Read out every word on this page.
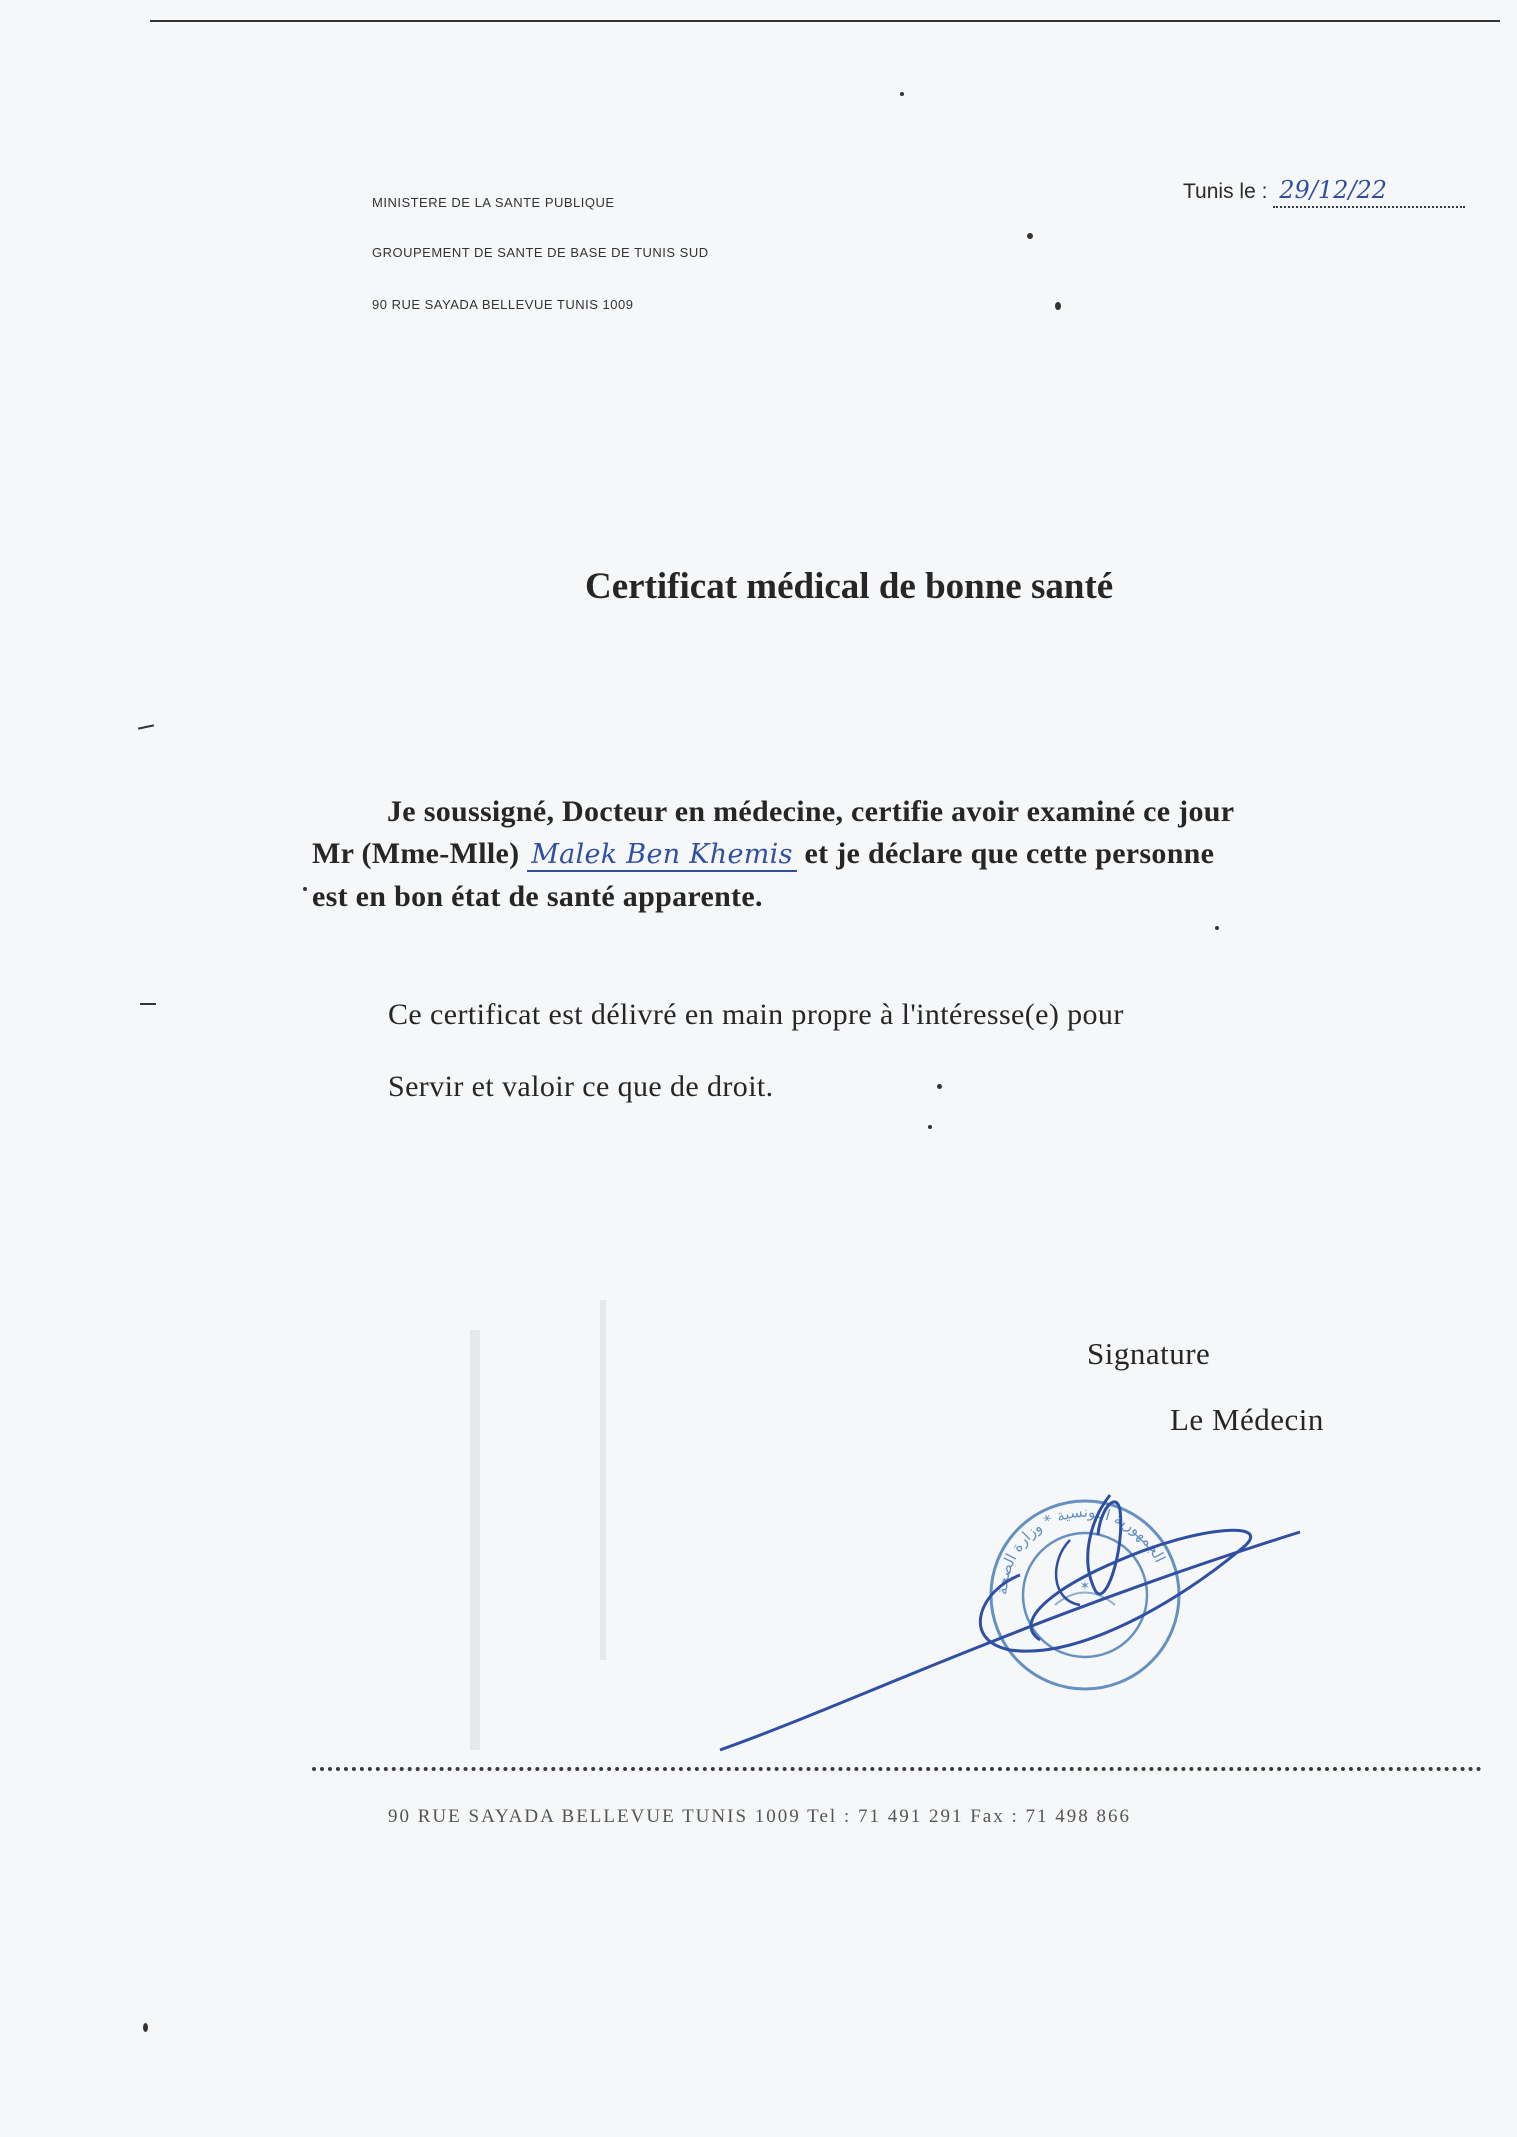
MINISTERE DE LA SANTE PUBLIQUE
GROUPEMENT DE SANTE DE BASE DE TUNIS SUD
90 RUE SAYADA BELLEVUE TUNIS 1009
Tunis le : 29/12/22
Certificat médical de bonne santé
Je soussigné, Docteur en médecine, certifie avoir examiné ce jour
Mr (Mme-Mlle) Malek Ben Khemis et je déclare que cette personne
est en bon état de santé apparente.
Ce certificat est délivré en main propre à l'intéresse(e) pour
Servir et valoir ce que de droit.
Signature
Le Médecin
الجمهورية التونسية * وزارة الصحة
✶
90 RUE SAYADA BELLEVUE TUNIS 1009 Tel : 71 491 291 Fax : 71 498 866
